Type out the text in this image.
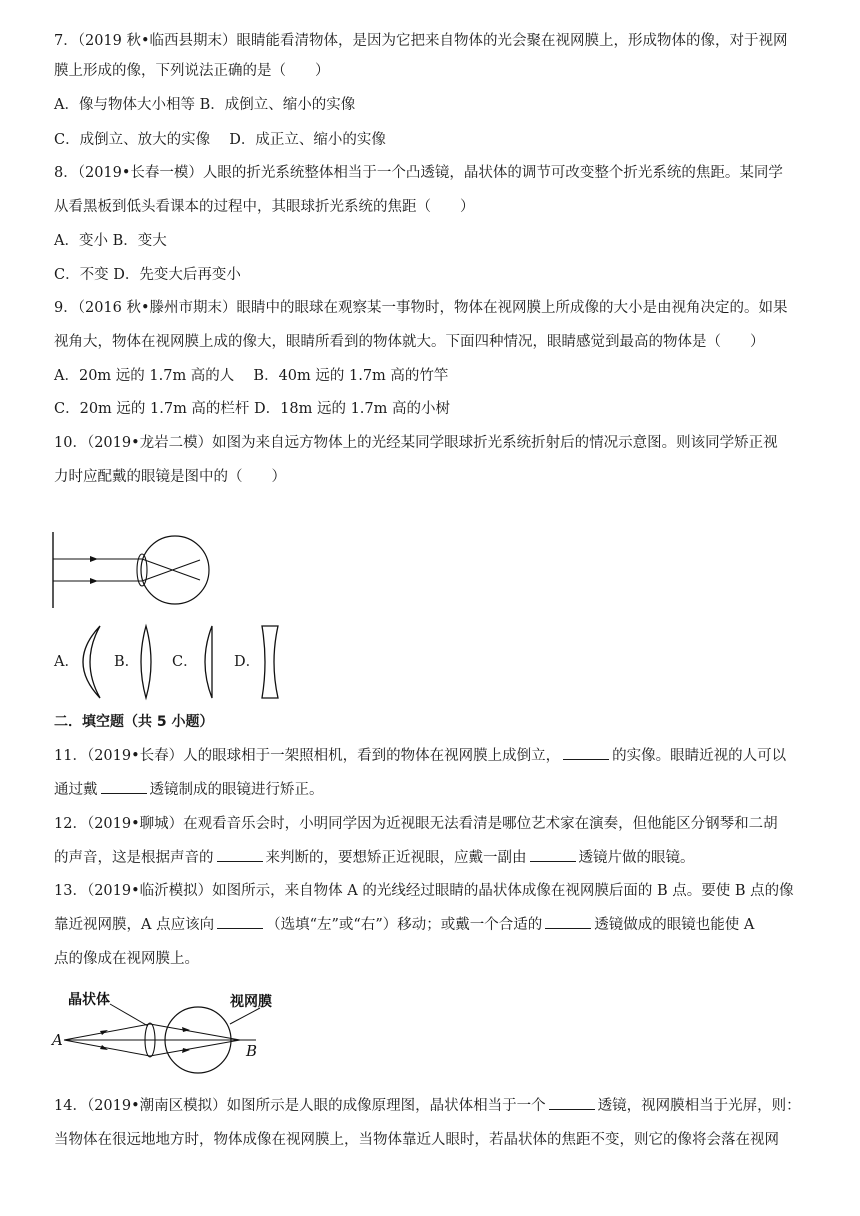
7．（2019 秋•临西县期末）眼睛能看清物体，是因为它把来自物体的光会聚在视网膜上，形成物体的像，对于视网
膜上形成的像，下列说法正确的是（　　）
A．像与物体大小相等 B．成倒立、缩小的实像
C．成倒立、放大的实像　 D．成正立、缩小的实像
8．（2019•长春一模）人眼的折光系统整体相当于一个凸透镜，晶状体的调节可改变整个折光系统的焦距。某同学
从看黑板到低头看课本的过程中，其眼球折光系统的焦距（　　）
A．变小 B．变大
C．不变 D．先变大后再变小
9．（2016 秋•滕州市期末）眼睛中的眼球在观察某一事物时，物体在视网膜上所成像的大小是由视角决定的。如果
视角大，物体在视网膜上成的像大，眼睛所看到的物体就大。下面四种情况，眼睛感觉到最高的物体是（　　）
A．20m 远的 1.7m 高的人　 B．40m 远的 1.7m 高的竹竿
C．20m 远的 1.7m 高的栏杆 D．18m 远的 1.7m 高的小树
10．（2019•龙岩二模）如图为来自远方物体上的光经某同学眼球折光系统折射后的情况示意图。则该同学矫正视
力时应配戴的眼镜是图中的（　　）
A． B． C．	D．
二．填空题（共 5 小题）
11．（2019•长春）人的眼球相于一架照相机，看到的物体在视网膜上成倒立，	的实像。眼睛近视的人可以
通过戴	透镜制成的眼镜进行矫正。
12．（2019•聊城）在观看音乐会时，小明同学因为近视眼无法看清是哪位艺术家在演奏，但他能区分钢琴和二胡
的声音，这是根据声音的	来判断的，要想矫正近视眼，应戴一副由	透镜片做的眼镜。
13．（2019•临沂模拟）如图所示，来自物体 A 的光线经过眼睛的晶状体成像在视网膜后面的 B 点。要使 B 点的像
靠近视网膜，A 点应该向	（选填“左”或“右”）移动；或戴一个合适的	透镜做成的眼镜也能使 A
点的像成在视网膜上。
晶状体	视网膜
A
B
14．（2019•潮南区模拟）如图所示是人眼的成像原理图，晶状体相当于一个	透镜，视网膜相当于光屏，则：
当物体在很远地地方时，物体成像在视网膜上，当物体靠近人眼时，若晶状体的焦距不变，则它的像将会落在视网
